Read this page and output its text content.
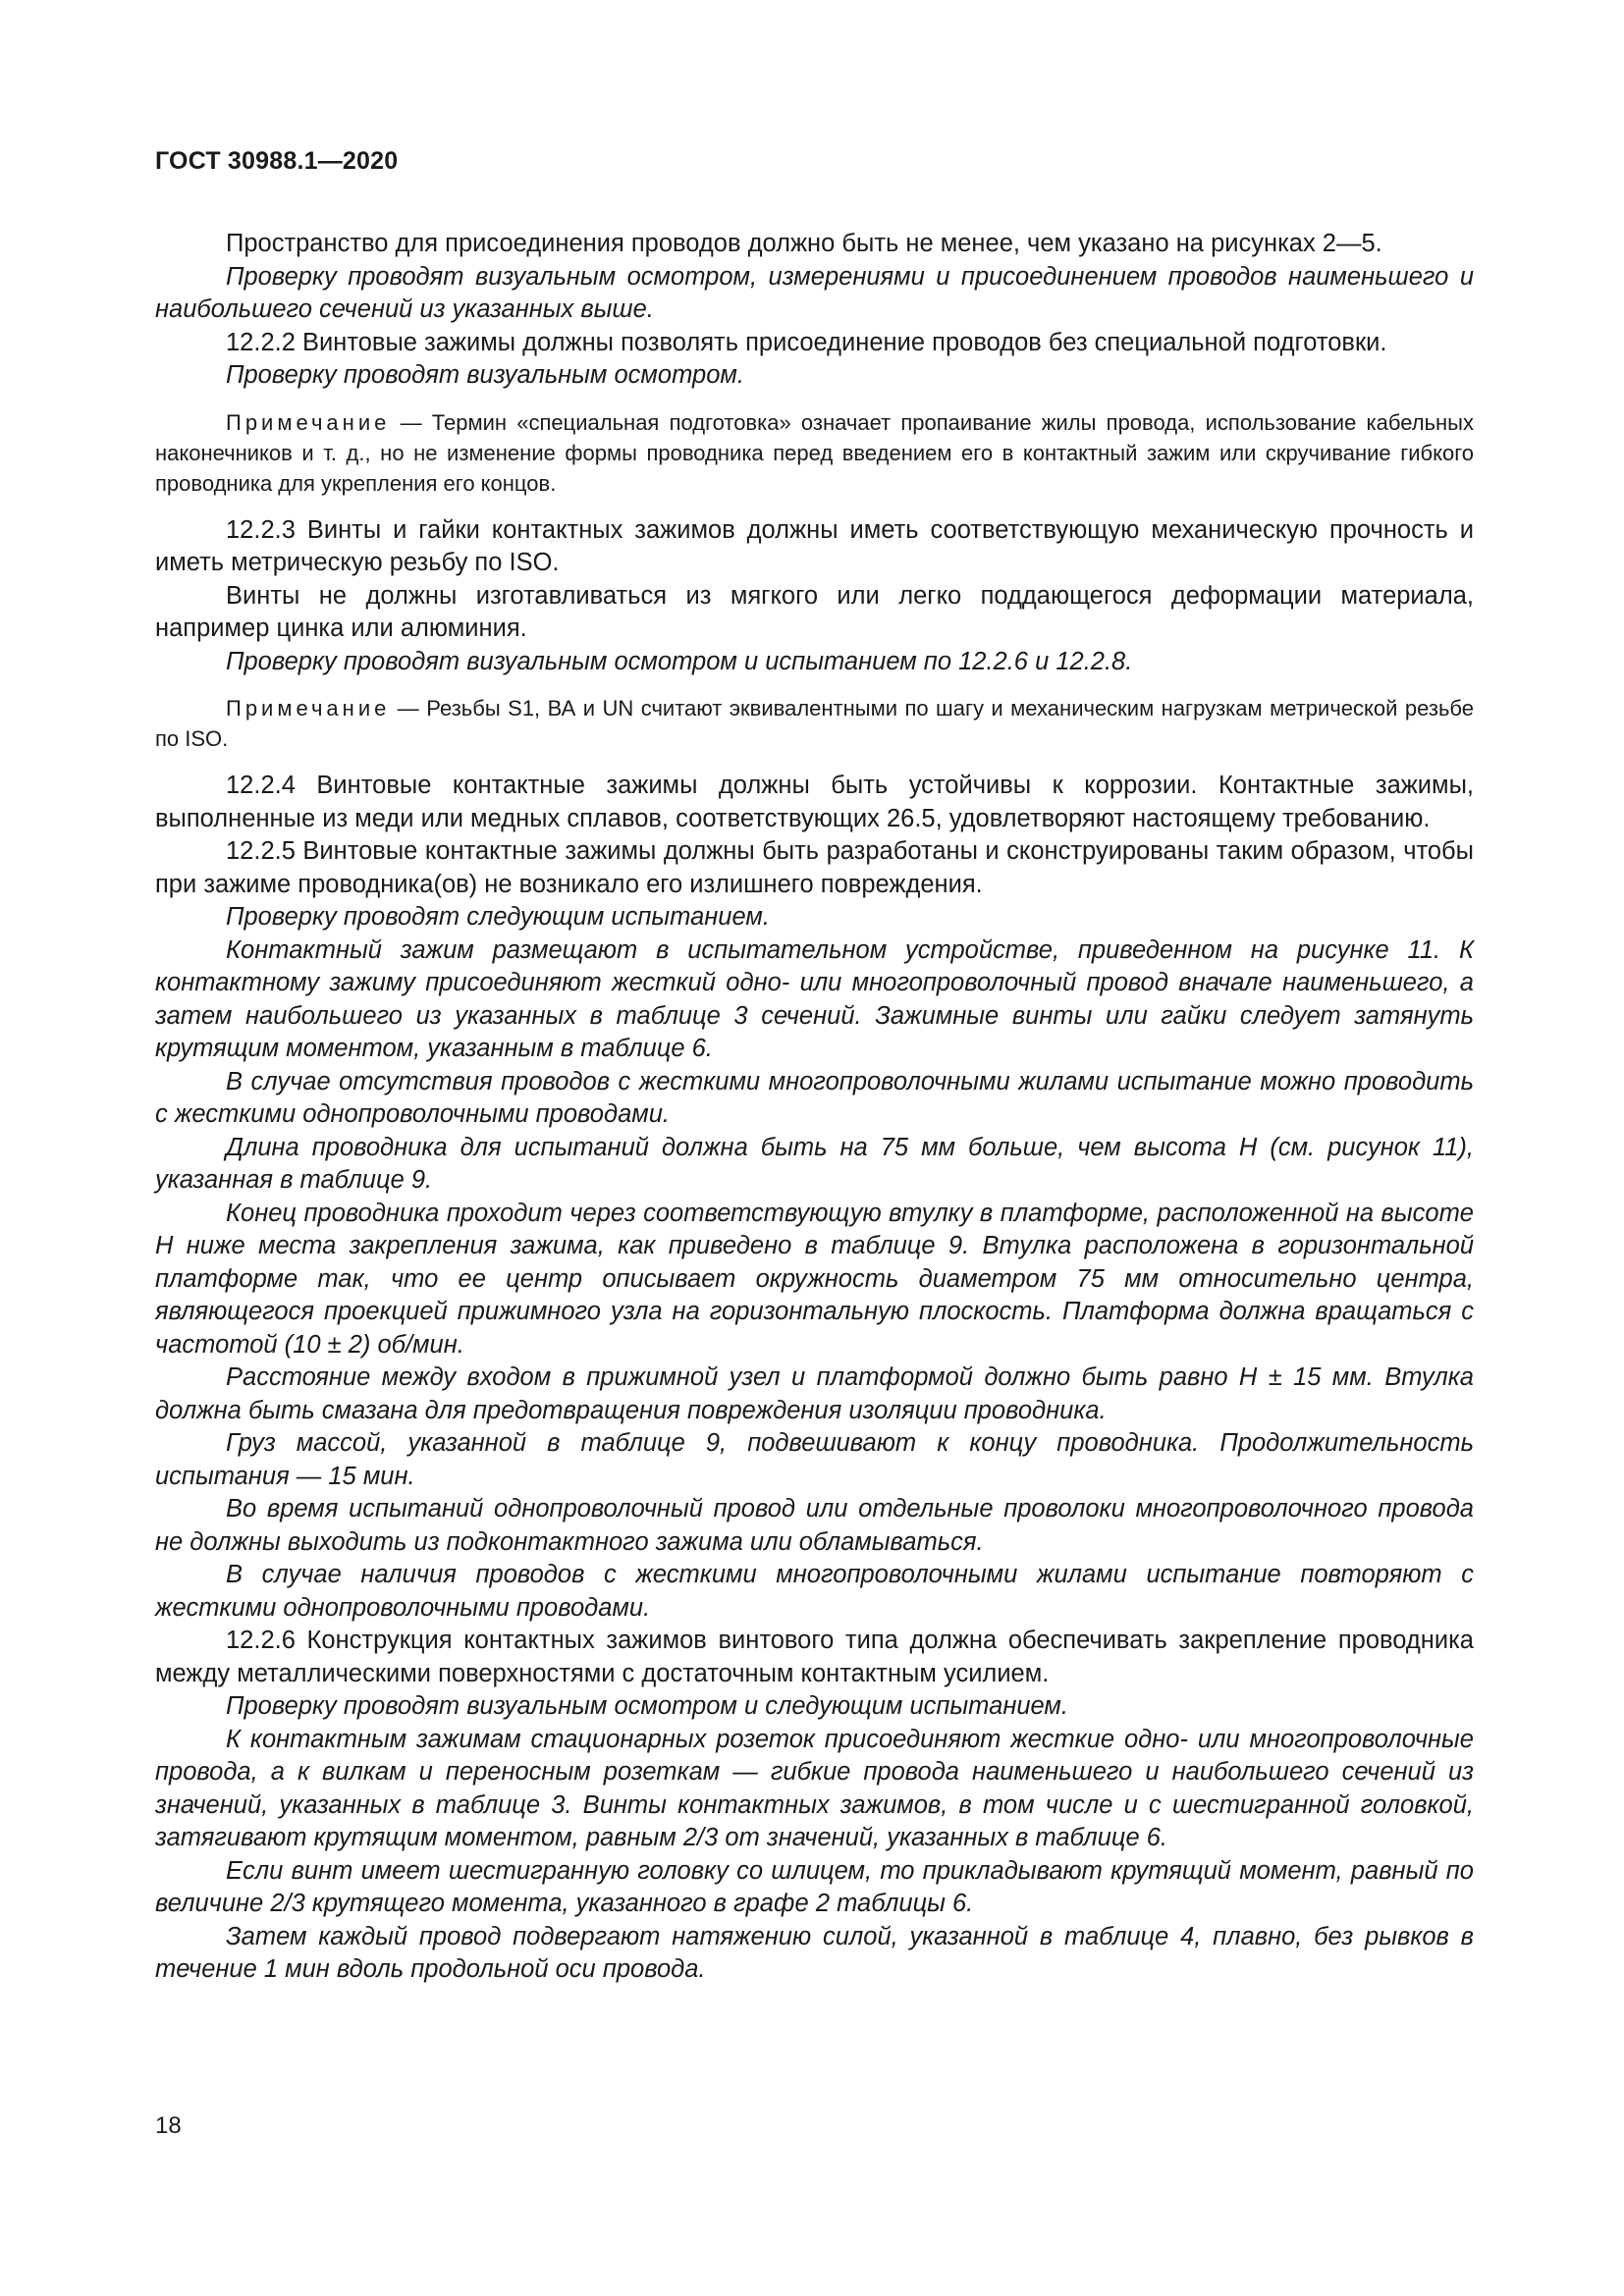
ГОСТ 30988.1—2020

Пространство для присоединения проводов должно быть не менее, чем указано на рисунках 2—5.

Проверку проводят визуальным осмотром, измерениями и присоединением проводов наименьшего и наибольшего сечений из указанных выше.

12.2.2 Винтовые зажимы должны позволять присоединение проводов без специальной подготовки.

Проверку проводят визуальным осмотром.

Примечание — Термин «специальная подготовка» означает пропаивание жилы провода, использование кабельных наконечников и т. д., но не изменение формы проводника перед введением его в контактный зажим или скручивание гибкого проводника для укрепления его концов.

12.2.3 Винты и гайки контактных зажимов должны иметь соответствующую механическую прочность и иметь метрическую резьбу по ISO.

Винты не должны изготавливаться из мягкого или легко поддающегося деформации материала, например цинка или алюминия.

Проверку проводят визуальным осмотром и испытанием по 12.2.6 и 12.2.8.

Примечание — Резьбы S1, ВА и UN считают эквивалентными по шагу и механическим нагрузкам метрической резьбе по ISO.

12.2.4 Винтовые контактные зажимы должны быть устойчивы к коррозии. Контактные зажимы, выполненные из меди или медных сплавов, соответствующих 26.5, удовлетворяют настоящему требованию.

12.2.5 Винтовые контактные зажимы должны быть разработаны и сконструированы таким образом, чтобы при зажиме проводника(ов) не возникало его излишнего повреждения.

Проверку проводят следующим испытанием.

Контактный зажим размещают в испытательном устройстве, приведенном на рисунке 11. К контактному зажиму присоединяют жесткий одно- или многопроволочный провод вначале наименьшего, а затем наибольшего из указанных в таблице 3 сечений. Зажимные винты или гайки следует затянуть крутящим моментом, указанным в таблице 6.

В случае отсутствия проводов с жесткими многопроволочными жилами испытание можно проводить с жесткими однопроволочными проводами.

Длина проводника для испытаний должна быть на 75 мм больше, чем высота H (см. рисунок 11), указанная в таблице 9.

Конец проводника проходит через соответствующую втулку в платформе, расположенной на высоте H ниже места закрепления зажима, как приведено в таблице 9. Втулка расположена в горизонтальной платформе так, что ее центр описывает окружность диаметром 75 мм относительно центра, являющегося проекцией прижимного узла на горизонтальную плоскость. Платформа должна вращаться с частотой (10 ± 2) об/мин.

Расстояние между входом в прижимной узел и платформой должно быть равно H ± 15 мм. Втулка должна быть смазана для предотвращения повреждения изоляции проводника.

Груз массой, указанной в таблице 9, подвешивают к концу проводника. Продолжительность испытания — 15 мин.

Во время испытаний однопроволочный провод или отдельные проволоки многопроволочного провода не должны выходить из подконтактного зажима или обламываться.

В случае наличия проводов с жесткими многопроволочными жилами испытание повторяют с жесткими однопроволочными проводами.

12.2.6 Конструкция контактных зажимов винтового типа должна обеспечивать закрепление проводника между металлическими поверхностями с достаточным контактным усилием.

Проверку проводят визуальным осмотром и следующим испытанием.

К контактным зажимам стационарных розеток присоединяют жесткие одно- или многопроволочные провода, а к вилкам и переносным розеткам — гибкие провода наименьшего и наибольшего сечений из значений, указанных в таблице 3. Винты контактных зажимов, в том числе и с шестигранной головкой, затягивают крутящим моментом, равным 2/3 от значений, указанных в таблице 6.

Если винт имеет шестигранную головку со шлицем, то прикладывают крутящий момент, равный по величине 2/3 крутящего момента, указанного в графе 2 таблицы 6.

Затем каждый провод подвергают натяжению силой, указанной в таблице 4, плавно, без рывков в течение 1 мин вдоль продольной оси провода.

18
